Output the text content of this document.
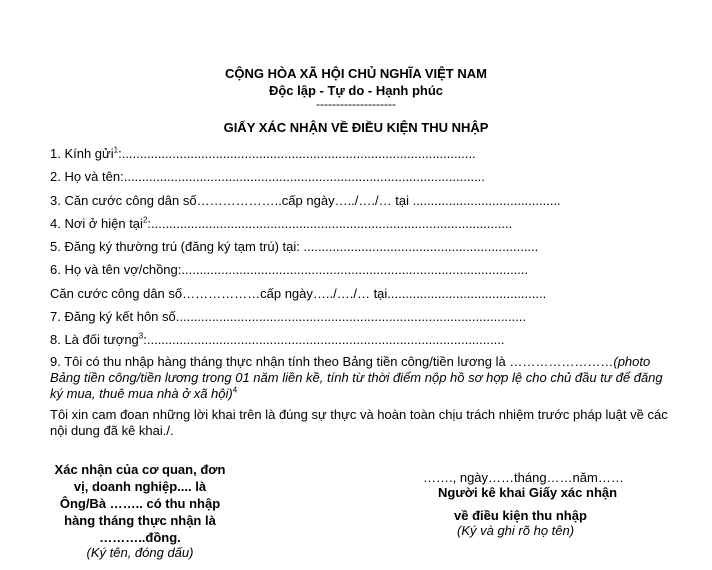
CỘNG HÒA XÃ HỘI CHỦ NGHĨA VIỆT NAM
Độc lập - Tự do - Hạnh phúc
--------------------
GIẤY XÁC NHẬN VỀ ĐIỀU KIỆN THU NHẬP
1. Kính gửi$^1$:..................................................................................................
2. Họ và tên:....................................................................................................
3. Căn cước công dân số………………..cấp ngày…../…./… tại .........................................
4. Nơi ở hiện tại$^2$:....................................................................................................
5. Đăng ký thường trú (đăng ký tạm trú) tại: .................................................................
6. Họ và tên vợ/chồng:................................................................................................
Căn cước công dân số………………cấp ngày…../…./… tại............................................
7. Đăng ký kết hôn số.................................................................................................
8. Là đối tượng$^3$:...................................................................................................
9. Tôi có thu nhập hàng tháng thực nhận tính theo Bảng tiền công/tiền lương là ……………………(photo Bảng tiền công/tiền lương trong 01 năm liền kề, tính từ thời điểm nộp hồ sơ hợp lệ cho chủ đầu tư để đăng ký mua, thuê mua nhà ở xã hội)$^4$
Tôi xin cam đoan những lời khai trên là đúng sự thực và hoàn toàn chịu trách nhiệm trước pháp luật về các nội dung đã kê khai./.
Xác nhận của cơ quan, đơn
vị, doanh nghiệp.... là
Ông/Bà …….. có thu nhập
hàng tháng thực nhận là
………..đồng.
(Ký tên, đóng dấu)
……., ngày……tháng……năm……
Người kê khai Giấy xác nhận
về điều kiện thu nhập
(Ký và ghi rõ họ tên)
